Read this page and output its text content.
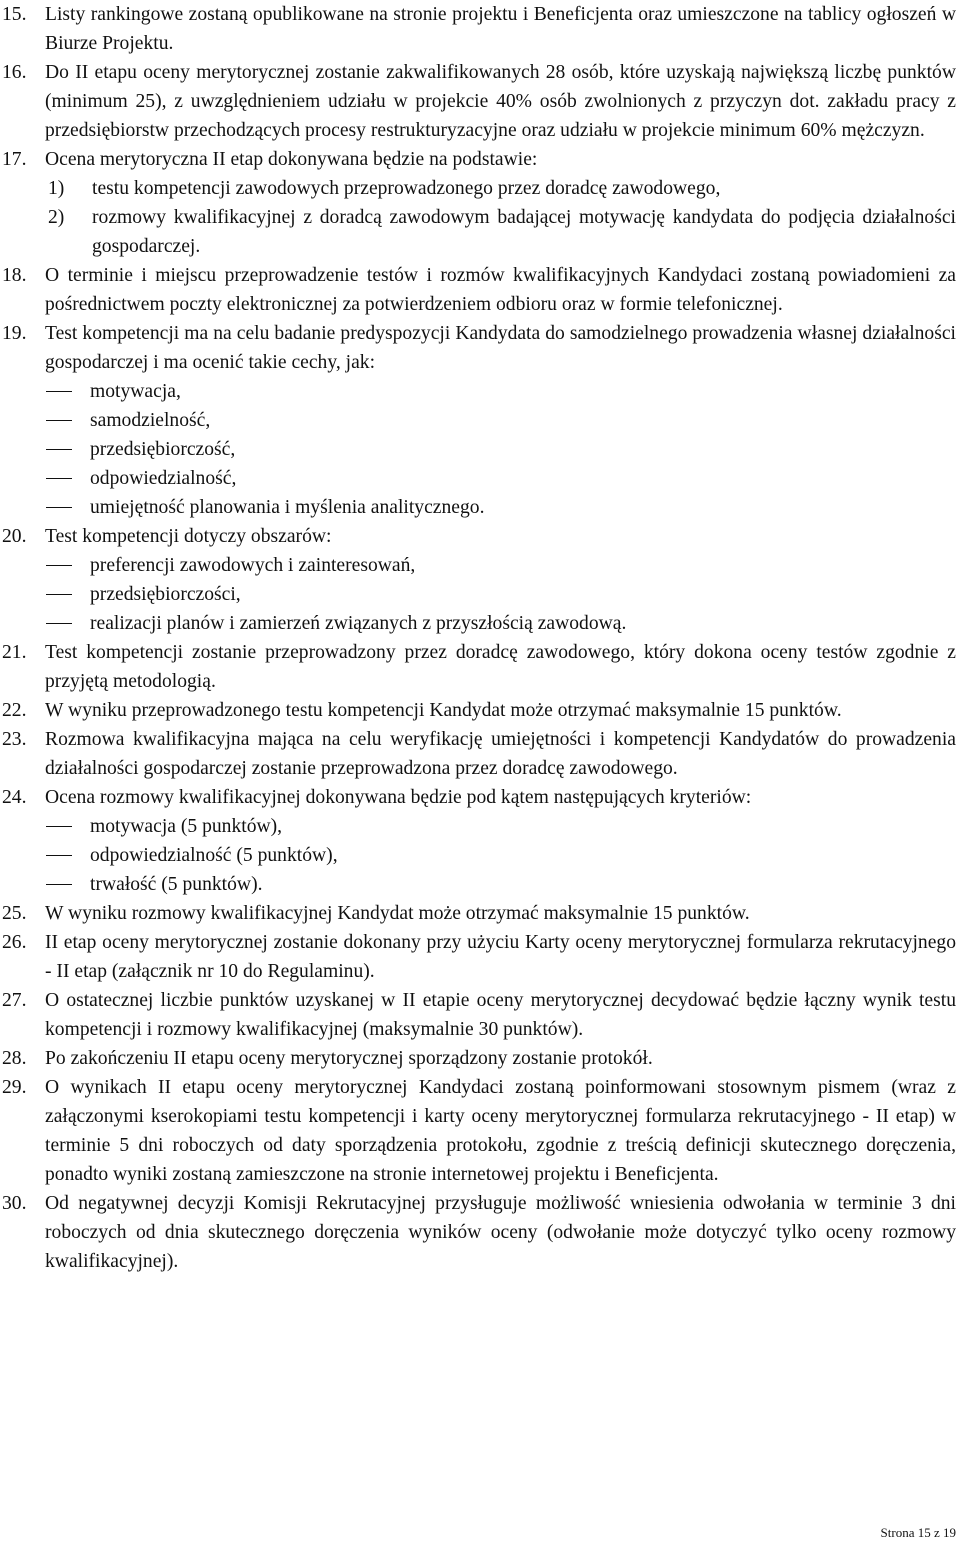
15. Listy rankingowe zostaną opublikowane na stronie projektu i Beneficjenta oraz umieszczone na tablicy ogłoszeń w Biurze Projektu.
16. Do II etapu oceny merytorycznej zostanie zakwalifikowanych 28 osób, które uzyskają największą liczbę punktów (minimum 25), z uwzględnieniem udziału w projekcie 40% osób zwolnionych z przyczyn dot. zakładu pracy z przedsiębiorstw przechodzących procesy restrukturyzacyjne oraz udziału w projekcie minimum 60% mężczyzn.
17. Ocena merytoryczna II etap dokonywana będzie na podstawie:
1) testu kompetencji zawodowych przeprowadzonego przez doradcę zawodowego,
2) rozmowy kwalifikacyjnej z doradcą zawodowym badającej motywację kandydata do podjęcia działalności gospodarczej.
18. O terminie i miejscu przeprowadzenie testów i rozmów kwalifikacyjnych Kandydaci zostaną powiadomieni za pośrednictwem poczty elektronicznej za potwierdzeniem odbioru oraz w formie telefonicznej.
19. Test kompetencji ma na celu badanie predyspozycji Kandydata do samodzielnego prowadzenia własnej działalności gospodarczej i ma ocenić takie cechy, jak:
motywacja,
samodzielność,
przedsiębiorczość,
odpowiedzialność,
umiejętność planowania i myślenia analitycznego.
20. Test kompetencji dotyczy obszarów:
preferencji zawodowych i zainteresowań,
przedsiębiorczości,
realizacji planów i zamierzeń związanych z przyszłością zawodową.
21. Test kompetencji zostanie przeprowadzony przez doradcę zawodowego, który dokona oceny testów zgodnie z przyjętą metodologią.
22. W wyniku przeprowadzonego testu kompetencji Kandydat może otrzymać maksymalnie 15 punktów.
23. Rozmowa kwalifikacyjna mająca na celu weryfikację umiejętności i kompetencji Kandydatów do prowadzenia działalności gospodarczej zostanie przeprowadzona przez doradcę zawodowego.
24. Ocena rozmowy kwalifikacyjnej dokonywana będzie pod kątem następujących kryteriów:
motywacja (5 punktów),
odpowiedzialność (5 punktów),
trwałość (5 punktów).
25. W wyniku rozmowy kwalifikacyjnej Kandydat może otrzymać maksymalnie 15 punktów.
26. II etap oceny merytorycznej zostanie dokonany przy użyciu Karty oceny merytorycznej formularza rekrutacyjnego - II etap (załącznik nr 10 do Regulaminu).
27. O ostatecznej liczbie punktów uzyskanej w II etapie oceny merytorycznej decydować będzie łączny wynik testu kompetencji i rozmowy kwalifikacyjnej (maksymalnie 30 punktów).
28. Po zakończeniu II etapu oceny merytorycznej sporządzony zostanie protokół.
29. O wynikach II etapu oceny merytorycznej Kandydaci zostaną poinformowani stosownym pismem (wraz z załączonymi kserokopiami testu kompetencji i karty oceny merytorycznej formularza rekrutacyjnego - II etap) w terminie 5 dni roboczych od daty sporządzenia protokołu, zgodnie z treścią definicji skutecznego doręczenia, ponadto wyniki zostaną zamieszczone na stronie internetowej projektu i Beneficjenta.
30. Od negatywnej decyzji Komisji Rekrutacyjnej przysługuje możliwość wniesienia odwołania w terminie 3 dni roboczych od dnia skutecznego doręczenia wyników oceny (odwołanie może dotyczyć tylko oceny rozmowy kwalifikacyjnej).
Strona 15 z 19
